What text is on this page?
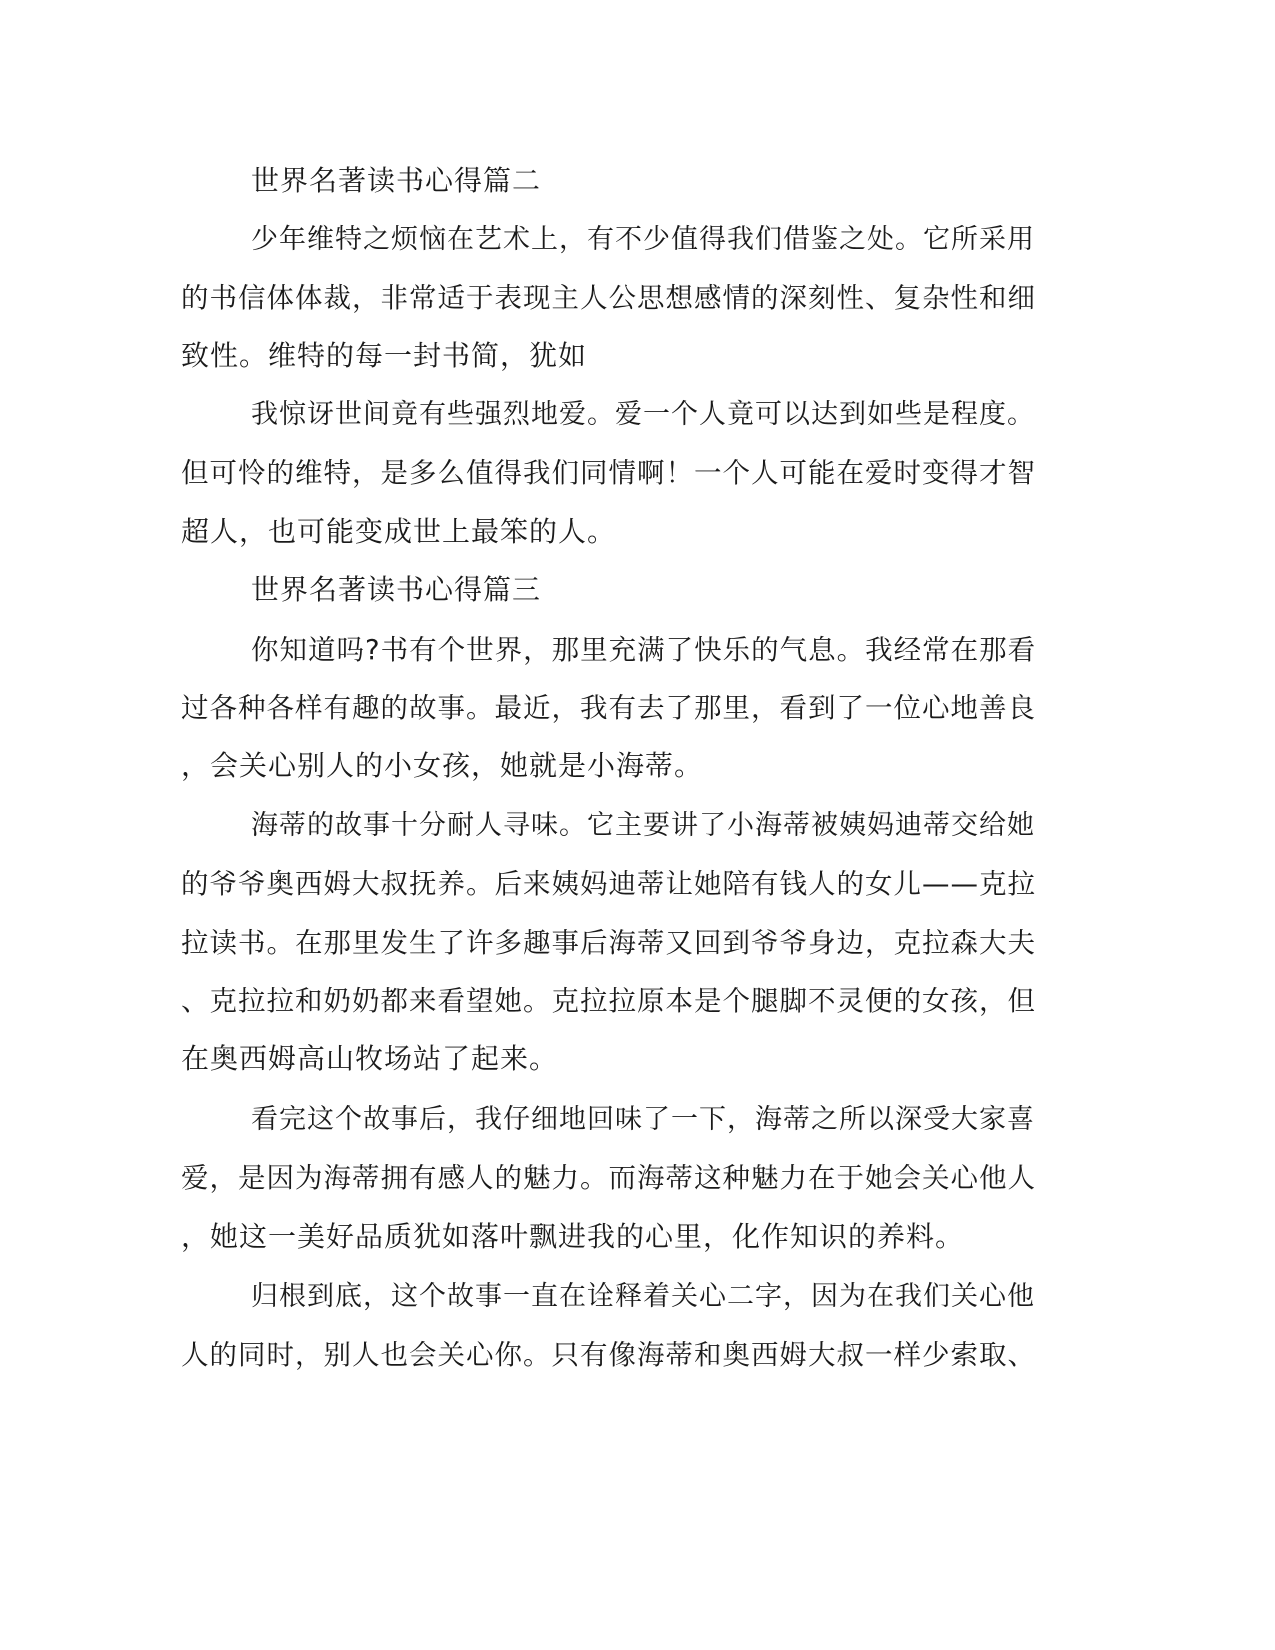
世界名著读书心得篇二

少年维特之烦恼在艺术上，有不少值得我们借鉴之处。它所采用

的书信体体裁，非常适于表现主人公思想感情的深刻性、复杂性和细

致性。维特的每一封书简，犹如

我惊讶世间竟有些强烈地爱。爱一个人竟可以达到如些是程度。

但可怜的维特，是多么值得我们同情啊！一个人可能在爱时变得才智

超人，也可能变成世上最笨的人。

世界名著读书心得篇三

你知道吗?书有个世界，那里充满了快乐的气息。我经常在那看

过各种各样有趣的故事。最近，我有去了那里，看到了一位心地善良

，会关心别人的小女孩，她就是小海蒂。

海蒂的故事十分耐人寻味。它主要讲了小海蒂被姨妈迪蒂交给她

的爷爷奥西姆大叔抚养。后来姨妈迪蒂让她陪有钱人的女儿——克拉

拉读书。在那里发生了许多趣事后海蒂又回到爷爷身边，克拉森大夫

、克拉拉和奶奶都来看望她。克拉拉原本是个腿脚不灵便的女孩，但

在奥西姆高山牧场站了起来。

看完这个故事后，我仔细地回味了一下，海蒂之所以深受大家喜

爱，是因为海蒂拥有感人的魅力。而海蒂这种魅力在于她会关心他人

，她这一美好品质犹如落叶飘进我的心里，化作知识的养料。

归根到底，这个故事一直在诠释着关心二字，因为在我们关心他

人的同时，别人也会关心你。只有像海蒂和奥西姆大叔一样少索取、
